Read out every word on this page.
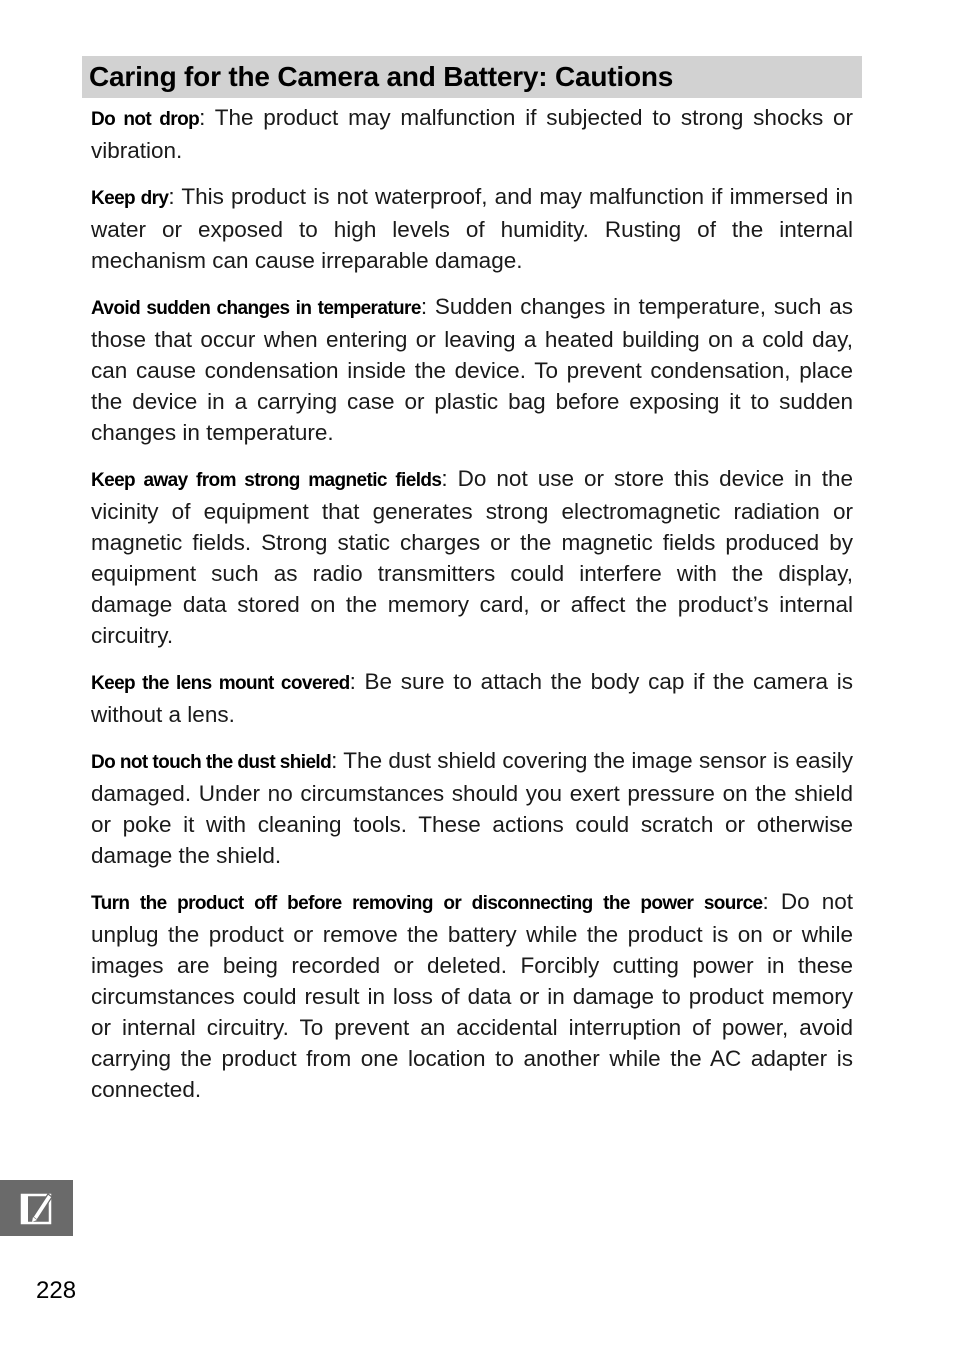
Caring for the Camera and Battery: Cautions

Do not drop: The product may malfunction if subjected to strong shocks or vibration.

Keep dry: This product is not waterproof, and may malfunction if immersed in water or exposed to high levels of humidity. Rusting of the internal mechanism can cause irreparable damage.

Avoid sudden changes in temperature: Sudden changes in temperature, such as those that occur when entering or leaving a heated building on a cold day, can cause condensation inside the device. To prevent condensation, place the device in a carrying case or plastic bag before exposing it to sudden changes in temperature.

Keep away from strong magnetic fields: Do not use or store this device in the vicinity of equipment that generates strong electromagnetic radiation or magnetic fields. Strong static charges or the magnetic fields produced by equipment such as radio transmitters could interfere with the display, damage data stored on the memory card, or affect the product’s internal circuitry.

Keep the lens mount covered: Be sure to attach the body cap if the camera is without a lens.

Do not touch the dust shield: The dust shield covering the image sensor is easily damaged. Under no circumstances should you exert pressure on the shield or poke it with cleaning tools. These actions could scratch or otherwise damage the shield.

Turn the product off before removing or disconnecting the power source: Do not unplug the product or remove the battery while the product is on or while images are being recorded or deleted. Forcibly cutting power in these circumstances could result in loss of data or in damage to product memory or internal circuitry. To prevent an accidental interruption of power, avoid carrying the product from one location to another while the AC adapter is connected.

228
